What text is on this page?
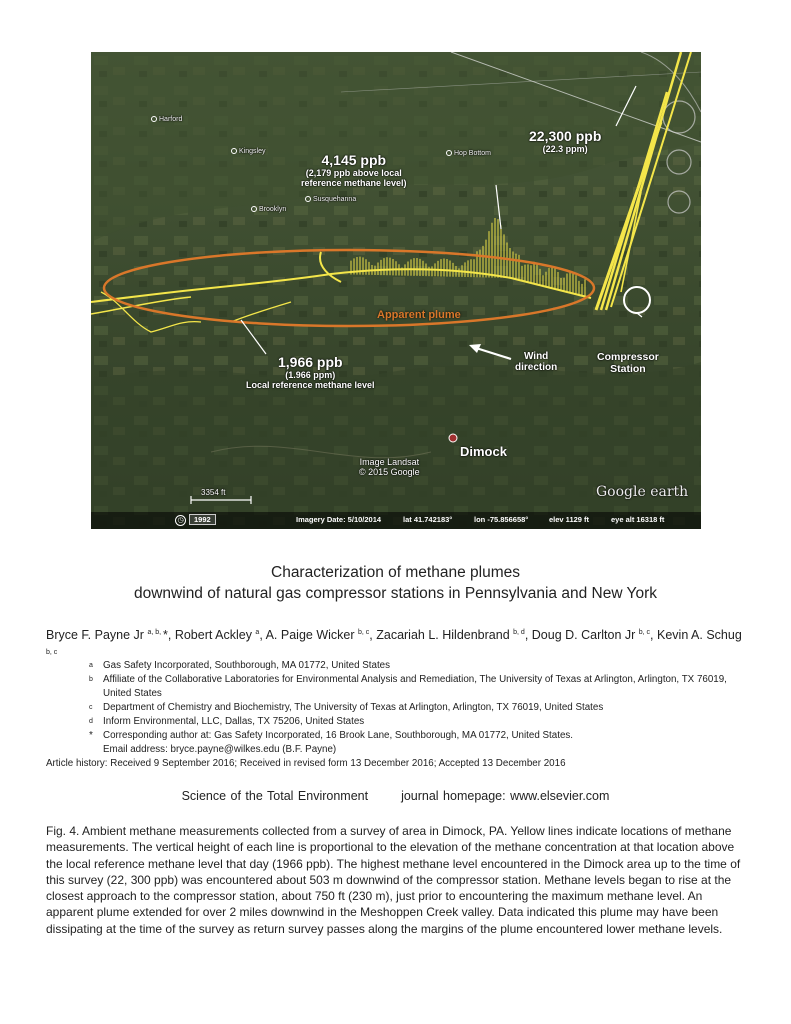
Harford
Kingsley	Hop Bottom
Susquehanna
Brooklyn
22,300 ppb
(22.3 ppm)
4,145 ppb
(2,179 ppb above local
reference methane level)
1,966 ppb
(1.966 ppm)
Local reference methane level
Apparent plume
Wind
direction
Compressor
Station
Dimock
Image Landsat
© 2015 Google
Google earth
3354 ft
◷	1992	Imagery Date: 5/10/2014	lat 41.742183°	lon -75.856658°	elev 1129 ft	eye alt 16318 ft
Characterization of methane plumes
downwind of natural gas compressor stations in Pennsylvania and New York
Bryce F. Payne Jr $^{a, b,}$ *, Robert Ackley $^a$, A. Paige Wicker $^{b, c}$, Zacariah L. Hildenbrand $^{b, d}$, Doug D. Carlton Jr $^{b, c}$, Kevin A. Schug $^{b, c}$
a Gas Safety Incorporated, Southborough, MA 01772, United States
b Affiliate of the Collaborative Laboratories for Environmental Analysis and Remediation, The University of Texas at Arlington, Arlington, TX 76019, United States
c Department of Chemistry and Biochemistry, The University of Texas at Arlington, Arlington, TX 76019, United States
d Inform Environmental, LLC, Dallas, TX 75206, United States
* Corresponding author at: Gas Safety Incorporated, 16 Brook Lane, Southborough, MA 01772, United States.
Email address: bryce.payne@wilkes.edu (B.F. Payne)
Article history: Received 9 September 2016; Received in revised form 13 December 2016; Accepted 13 December 2016
Science of the Total Environment	journal homepage: www.elsevier.com
Fig. 4. Ambient methane measurements collected from a survey of area in Dimock, PA. Yellow lines indicate locations of methane measurements. The vertical height of each line is proportional to the elevation of the methane concentration at that location above the local reference methane level that day (1966 ppb). The highest methane level encountered in the Dimock area up to the time of this survey (22, 300 ppb) was encountered about 503 m downwind of the compressor station. Methane levels began to rise at the closest approach to the compressor station, about 750 ft (230 m), just prior to encountering the maximum methane level. An apparent plume extended for over 2 miles downwind in the Meshoppen Creek valley. Data indicated this plume may have been dissipating at the time of the survey as return survey passes along the margins of the plume encountered lower methane levels.
